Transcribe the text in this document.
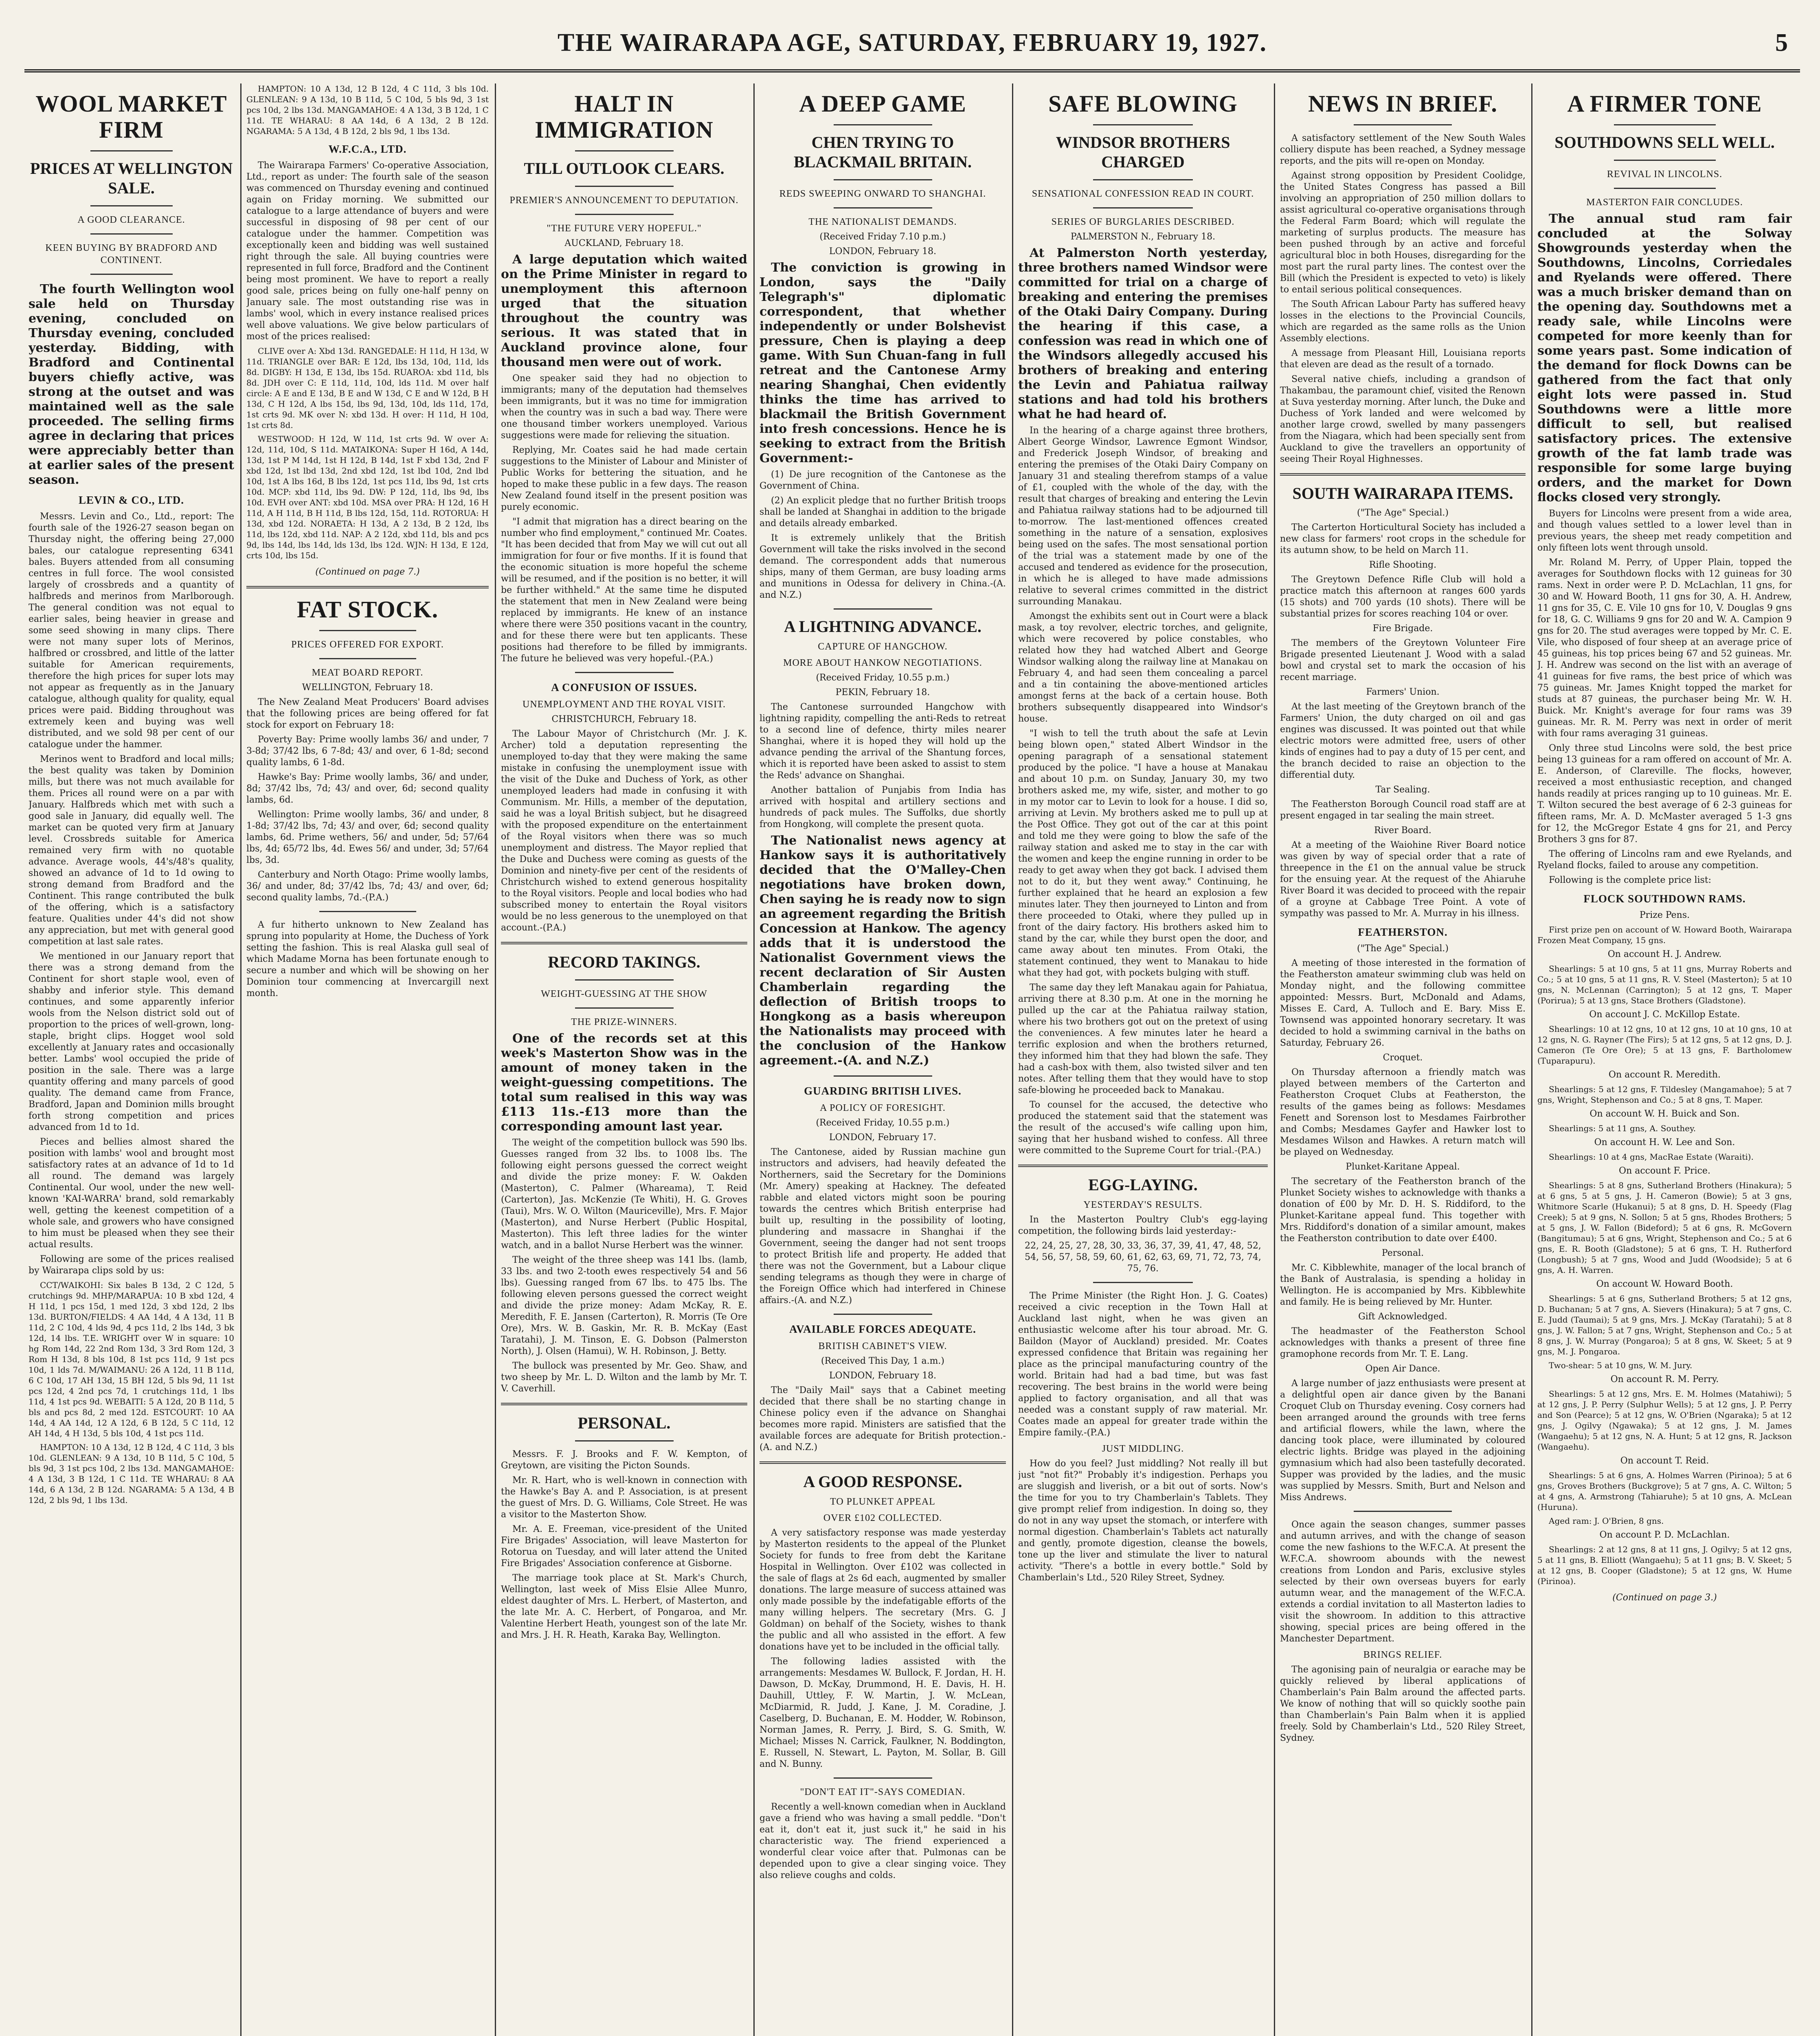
THE WAIRARAPA AGE, SATURDAY, FEBRUARY 19, 1927.	5
WOOL MARKET FIRM
PRICES AT WELLINGTON SALE.
A GOOD CLEARANCE.
KEEN BUYING BY BRADFORD AND CONTINENT.

The fourth Wellington wool sale held on Thursday evening, concluded on Thursday evening, concluded yesterday. Bidding, with Bradford and Continental buyers chiefly active, was strong at the outset and was maintained well as the sale proceeded. The selling firms agree in declaring that prices were appreciably better than at earlier sales of the present season.

LEVIN & CO., LTD.

Messrs. Levin and Co., Ltd., report: The fourth sale of the 1926-27 season began on Thursday night, the offering being 27,000 bales, our catalogue representing 6341 bales. Buyers attended from all consuming centres in full force. The wool consisted largely of crossbreds and a quantity of halfbreds and merinos from Marlborough. The general condition was not equal to earlier sales, being heavier in grease and some seed showing in many clips. There were not many super lots of Merinos, halfbred or crossbred, and little of the latter suitable for American requirements, therefore the high prices for super lots may not appear as frequently as in the January catalogue, although quality for quality, equal prices were paid. Bidding throughout was extremely keen and buying was well distributed, and we sold 98 per cent of our catalogue under the hammer.

Merinos went to Bradford and local mills; the best quality was taken by Dominion mills, but there was not much available for them. Prices all round were on a par with January. Halfbreds which met with such a good sale in January, did equally well. The market can be quoted very firm at January level. Crossbreds suitable for America remained very firm with no quotable advance. Average wools, 44's/48's quality, showed an advance of 1d to 1d owing to strong demand from Bradford and the Continent. This range contributed the bulk of the offering, which is a satisfactory feature. Qualities under 44's did not show any appreciation, but met with general good competition at last sale rates.

We mentioned in our January report that there was a strong demand from the Continent for short staple wool, even of shabby and inferior style. This demand continues, and some apparently inferior wools from the Nelson district sold out of proportion to the prices of well-grown, long-staple, bright clips. Hogget wool sold excellently at January rates and occasionally better. Lambs' wool occupied the pride of position in the sale. There was a large quantity offering and many parcels of good quality. The demand came from France, Bradford, Japan and Dominion mills brought forth strong competition and prices advanced from 1d to 1d.

Pieces and bellies almost shared the position with lambs' wool and brought most satisfactory rates at an advance of 1d to 1d all round. The demand was largely Continental. Our wool, under the new well-known 'KAI-WARRA' brand, sold remarkably well, getting the keenest competition of a whole sale, and growers who have consigned to him must be pleased when they see their actual results.

Following are some of the prices realised by Wairarapa clips sold by us:

CCT/WAIKOHI: Six bales B 13d, 2 C 12d, 5 crutchings 9d. MHP/MARAPUA: 10 B xbd 12d, 4 H 11d, 1 pcs 15d, 1 med 12d, 3 xbd 12d, 2 lbs 13d. BURTON/FIELDS: 4 AA 14d, 4 A 13d, 11 B 11d, 2 C 10d, 4 lds 9d, 4 pcs 11d, 2 lbs 14d, 3 bk 12d, 14 lbs. T.E. WRIGHT over W in square: 10 hg Rom 14d, 22 2nd Rom 13d, 3 3rd Rom 12d, 3 Rom H 13d, 8 bls 10d, 8 1st pcs 11d, 9 1st pcs 10d, 1 lds 7d. M/WAIMANU: 26 A 12d, 11 B 11d, 6 C 10d, 17 AH 13d, 15 BH 12d, 5 bls 9d, 11 1st pcs 12d, 4 2nd pcs 7d, 1 crutchings 11d, 1 lbs 11d, 4 1st pcs 9d. WEBAITI: 5 A 12d, 20 B 11d, 5 bls and pcs 8d, 2 med 12d. ESTCOURT: 10 AA 14d, 4 AA 14d, 12 A 12d, 6 B 12d, 5 C 11d, 12 AH 14d, 4 H 13d, 5 bls 10d, 4 1st pcs 11d.

HAMPTON: 10 A 13d, 12 B 12d, 4 C 11d, 3 bls 10d. GLENLEAN: 9 A 13d, 10 B 11d, 5 C 10d, 5 bls 9d, 3 1st pcs 10d, 2 lbs 13d. MANGAMAHOE: 4 A 13d, 3 B 12d, 1 C 11d. TE WHARAU: 8 AA 14d, 6 A 13d, 2 B 12d. NGARAMA: 5 A 13d, 4 B 12d, 2 bls 9d, 1 lbs 13d.

HAMPTON: 10 A 13d, 12 B 12d, 4 C 11d, 3 bls 10d. GLENLEAN: 9 A 13d, 10 B 11d, 5 C 10d, 5 bls 9d, 3 1st pcs 10d, 2 lbs 13d. MANGAMAHOE: 4 A 13d, 3 B 12d, 1 C 11d. TE WHARAU: 8 AA 14d, 6 A 13d, 2 B 12d. NGARAMA: 5 A 13d, 4 B 12d, 2 bls 9d, 1 lbs 13d.

W.F.C.A., LTD.

The Wairarapa Farmers' Co-operative Association, Ltd., report as under: The fourth sale of the season was commenced on Thursday evening and continued again on Friday morning. We submitted our catalogue to a large attendance of buyers and were successful in disposing of 98 per cent of our catalogue under the hammer. Competition was exceptionally keen and bidding was well sustained right through the sale. All buying countries were represented in full force, Bradford and the Continent being most prominent. We have to report a really good sale, prices being on fully one-half penny on January sale. The most outstanding rise was in lambs' wool, which in every instance realised prices well above valuations. We give below particulars of most of the prices realised:

CLIVE over A: Xbd 13d. RANGEDALE: H 11d, H 13d, W 11d. TRIANGLE over BAR: E 12d, lbs 13d, 10d, 11d, lds 8d. DIGBY: H 13d, E 13d, lbs 15d. RUAROA: xbd 11d, bls 8d. JDH over C: E 11d, 11d, 10d, lds 11d. M over half circle: A E and E 13d, B E and W 13d, C E and W 12d, B H 13d, C H 12d, A lbs 15d, lbs 9d, 13d, 10d, lds 11d, 17d, 1st crts 9d. MK over N: xbd 13d. H over: H 11d, H 10d, 1st crts 8d.

WESTWOOD: H 12d, W 11d, 1st crts 9d. W over A: 12d, 11d, 10d, S 11d. MATAIKONA: Super H 16d, A 14d, 13d, 1st P M 14d, 1st H 12d, B 14d, 1st F xbd 13d, 2nd F xbd 12d, 1st lbd 13d, 2nd xbd 12d, 1st lbd 10d, 2nd lbd 10d, 1st A lbs 16d, B lbs 12d, 1st pcs 11d, lbs 9d, 1st crts 10d. MCP: xbd 11d, lbs 9d. DW: P 12d, 11d, lbs 9d, lbs 10d. EVH over ANT: xbd 10d. MSA over PRA: H 12d, 16 H 11d, A H 11d, B H 11d, B lbs 12d, 15d, 11d. ROTORUA: H 13d, xbd 12d. NORAETA: H 13d, A 2 13d, B 2 12d, lbs 11d, lbs 12d, xbd 11d. NAP: A 2 12d, xbd 11d, bls and pcs 9d, lbs 14d, lbs 14d, lds 13d, lbs 12d. WJN: H 13d, E 12d, crts 10d, lbs 15d.

(Continued on page 7.)

FAT STOCK.
PRICES OFFERED FOR EXPORT.
MEAT BOARD REPORT.

WELLINGTON, February 18.

The New Zealand Meat Producers' Board advises that the following prices are being offered for fat stock for export on February 18:

Poverty Bay: Prime woolly lambs 36/ and under, 7 3-8d; 37/42 lbs, 6 7-8d; 43/ and over, 6 1-8d; second quality lambs, 6 1-8d.

Hawke's Bay: Prime woolly lambs, 36/ and under, 8d; 37/42 lbs, 7d; 43/ and over, 6d; second quality lambs, 6d.

Wellington: Prime woolly lambs, 36/ and under, 8 1-8d; 37/42 lbs, 7d; 43/ and over, 6d; second quality lambs, 6d. Prime wethers, 56/ and under, 5d; 57/64 lbs, 4d; 65/72 lbs, 4d. Ewes 56/ and under, 3d; 57/64 lbs, 3d.

Canterbury and North Otago: Prime woolly lambs, 36/ and under, 8d; 37/42 lbs, 7d; 43/ and over, 6d; second quality lambs, 7d.-(P.A.)

A fur hitherto unknown to New Zealand has sprung into popularity at Home, the Duchess of York setting the fashion. This is real Alaska gull seal of which Madame Morna has been fortunate enough to secure a number and which will be showing on her Dominion tour commencing at Invercargill next month.

HALT IN IMMIGRATION
TILL OUTLOOK CLEARS.
PREMIER'S ANNOUNCEMENT TO DEPUTATION.
"THE FUTURE VERY HOPEFUL."

AUCKLAND, February 18.

A large deputation which waited on the Prime Minister in regard to unemployment this afternoon urged that the situation throughout the country was serious. It was stated that in Auckland province alone, four thousand men were out of work.

One speaker said they had no objection to immigrants; many of the deputation had themselves been immigrants, but it was no time for immigration when the country was in such a bad way. There were one thousand timber workers unemployed. Various suggestions were made for relieving the situation.

Replying, Mr. Coates said he had made certain suggestions to the Minister of Labour and Minister of Public Works for bettering the situation, and he hoped to make these public in a few days. The reason New Zealand found itself in the present position was purely economic.

"I admit that migration has a direct bearing on the number who find employment," continued Mr. Coates. "It has been decided that from May we will cut out all immigration for four or five months. If it is found that the economic situation is more hopeful the scheme will be resumed, and if the position is no better, it will be further withheld." At the same time he disputed the statement that men in New Zealand were being replaced by immigrants. He knew of an instance where there were 350 positions vacant in the country, and for these there were but ten applicants. These positions had therefore to be filled by immigrants. The future he believed was very hopeful.-(P.A.)

A CONFUSION OF ISSUES.
UNEMPLOYMENT AND THE ROYAL VISIT.

CHRISTCHURCH, February 18.

The Labour Mayor of Christchurch (Mr. J. K. Archer) told a deputation representing the unemployed to-day that they were making the same mistake in confusing the unemployment issue with the visit of the Duke and Duchess of York, as other unemployed leaders had made in confusing it with Communism. Mr. Hills, a member of the deputation, said he was a loyal British subject, but he disagreed with the proposed expenditure on the entertainment of the Royal visitors when there was so much unemployment and distress. The Mayor replied that the Duke and Duchess were coming as guests of the Dominion and ninety-five per cent of the residents of Christchurch wished to extend generous hospitality to the Royal visitors. People and local bodies who had subscribed money to entertain the Royal visitors would be no less generous to the unemployed on that account.-(P.A.)

RECORD TAKINGS.
WEIGHT-GUESSING AT THE SHOW
THE PRIZE-WINNERS.

One of the records set at this week's Masterton Show was in the amount of money taken in the weight-guessing competitions. The total sum realised in this way was £113 11s.-£13 more than the corresponding amount last year.

The weight of the competition bullock was 590 lbs. Guesses ranged from 32 lbs. to 1008 lbs. The following eight persons guessed the correct weight and divide the prize money: F. W. Oakden (Masterton), C. Palmer (Whareama), T. Reid (Carterton), Jas. McKenzie (Te Whiti), H. G. Groves (Taui), Mrs. W. O. Wilton (Mauriceville), Mrs. F. Major (Masterton), and Nurse Herbert (Public Hospital, Masterton). This left three ladies for the winter watch, and in a ballot Nurse Herbert was the winner.

The weight of the three sheep was 141 lbs. (lamb, 33 lbs. and two 2-tooth ewes respectively 54 and 56 lbs). Guessing ranged from 67 lbs. to 475 lbs. The following eleven persons guessed the correct weight and divide the prize money: Adam McKay, R. E. Meredith, F. E. Jansen (Carterton), R. Morris (Te Ore Ore), Mrs. W. B. Gaskin, Mr. R. B. McKay (East Taratahi), J. M. Tinson, E. G. Dobson (Palmerston North), J. Olsen (Hamui), W. H. Robinson, J. Betty.

The bullock was presented by Mr. Geo. Shaw, and two sheep by Mr. L. D. Wilton and the lamb by Mr. T. V. Caverhill.

PERSONAL.

Messrs. F. J. Brooks and F. W. Kempton, of Greytown, are visiting the Picton Sounds.

Mr. R. Hart, who is well-known in connection with the Hawke's Bay A. and P. Association, is at present the guest of Mrs. D. G. Williams, Cole Street. He was a visitor to the Masterton Show.

Mr. A. E. Freeman, vice-president of the United Fire Brigades' Association, will leave Masterton for Rotorua on Tuesday, and will later attend the United Fire Brigades' Association conference at Gisborne.

The marriage took place at St. Mark's Church, Wellington, last week of Miss Elsie Allee Munro, eldest daughter of Mrs. L. Herbert, of Masterton, and the late Mr. A. C. Herbert, of Pongaroa, and Mr. Valentine Herbert Heath, youngest son of the late Mr. and Mrs. J. H. R. Heath, Karaka Bay, Wellington.

A DEEP GAME
CHEN TRYING TO BLACKMAIL BRITAIN.
REDS SWEEPING ONWARD TO SHANGHAI.
THE NATIONALIST DEMANDS.

(Received Friday 7.10 p.m.)

LONDON, February 18.

The conviction is growing in London, says the "Daily Telegraph's" diplomatic correspondent, that whether independently or under Bolshevist pressure, Chen is playing a deep game. With Sun Chuan-fang in full retreat and the Cantonese Army nearing Shanghai, Chen evidently thinks the time has arrived to blackmail the British Government into fresh concessions. Hence he is seeking to extract from the British Government:-

(1) De jure recognition of the Cantonese as the Government of China.

(2) An explicit pledge that no further British troops shall be landed at Shanghai in addition to the brigade and details already embarked.

It is extremely unlikely that the British Government will take the risks involved in the second demand. The correspondent adds that numerous ships, many of them German, are busy loading arms and munitions in Odessa for delivery in China.-(A. and N.Z.)

A LIGHTNING ADVANCE.
CAPTURE OF HANGCHOW.
MORE ABOUT HANKOW NEGOTIATIONS.

(Received Friday, 10.55 p.m.)

PEKIN, February 18.

The Cantonese surrounded Hangchow with lightning rapidity, compelling the anti-Reds to retreat to a second line of defence, thirty miles nearer Shanghai, where it is hoped they will hold up the advance pending the arrival of the Shantung forces, which it is reported have been asked to assist to stem the Reds' advance on Shanghai.

Another battalion of Punjabis from India has arrived with hospital and artillery sections and hundreds of pack mules. The Suffolks, due shortly from Hongkong, will complete the present quota.

The Nationalist news agency at Hankow says it is authoritatively decided that the O'Malley-Chen negotiations have broken down, Chen saying he is ready now to sign an agreement regarding the British Concession at Hankow. The agency adds that it is understood the Nationalist Government views the recent declaration of Sir Austen Chamberlain regarding the deflection of British troops to Hongkong as a basis whereupon the Nationalists may proceed with the conclusion of the Hankow agreement.-(A. and N.Z.)

GUARDING BRITISH LIVES.
A POLICY OF FORESIGHT.

(Received Friday, 10.55 p.m.)

LONDON, February 17.

The Cantonese, aided by Russian machine gun instructors and advisers, had heavily defeated the Northerners, said the Secretary for the Dominions (Mr. Amery) speaking at Hackney. The defeated rabble and elated victors might soon be pouring towards the centres which British enterprise had built up, resulting in the possibility of looting, plundering and massacre in Shanghai if the Government, seeing the danger had not sent troops to protect British life and property. He added that there was not the Government, but a Labour clique sending telegrams as though they were in charge of the Foreign Office which had interfered in Chinese affairs.-(A. and N.Z.)

AVAILABLE FORCES ADEQUATE.
BRITISH CABINET'S VIEW.

(Received This Day, 1 a.m.)

LONDON, February 18.

The "Daily Mail" says that a Cabinet meeting decided that there shall be no starting change in Chinese policy even if the advance on Shanghai becomes more rapid. Ministers are satisfied that the available forces are adequate for British protection.-(A. and N.Z.)

A GOOD RESPONSE.
TO PLUNKET APPEAL
OVER £102 COLLECTED.

A very satisfactory response was made yesterday by Masterton residents to the appeal of the Plunket Society for funds to free from debt the Karitane Hospital in Wellington. Over £102 was collected in the sale of flags at 2s 6d each, augmented by smaller donations. The large measure of success attained was only made possible by the indefatigable efforts of the many willing helpers. The secretary (Mrs. G. J Goldman) on behalf of the Society, wishes to thank the public and all who assisted in the effort. A few donations have yet to be included in the official tally.

The following ladies assisted with the arrangements: Mesdames W. Bullock, F. Jordan, H. H. Dawson, D. McKay, Drummond, H. E. Davis, H. H. Dauhill, Uttley, F. W. Martin, J. W. McLean, McDiarmid, R. Judd, J. Kane, J. M. Coradine, J. Caselberg, D. Buchanan, E. M. Hodder, W. Robinson, Norman James, R. Perry, J. Bird, S. G. Smith, W. Michael; Misses N. Carrick, Faulkner, N. Boddington, E. Russell, N. Stewart, L. Payton, M. Sollar, B. Gill and N. Bunny.

"DON'T EAT IT"-SAYS COMEDIAN.

Recently a well-known comedian when in Auckland gave a friend who was having a small peddle. "Don't eat it, don't eat it, just suck it," he said in his characteristic way. The friend experienced a wonderful clear voice after that. Pulmonas can be depended upon to give a clear singing voice. They also relieve coughs and colds.

SAFE BLOWING
WINDSOR BROTHERS CHARGED
SENSATIONAL CONFESSION READ IN COURT.
SERIES OF BURGLARIES DESCRIBED.

PALMERSTON N., February 18.

At Palmerston North yesterday, three brothers named Windsor were committed for trial on a charge of breaking and entering the premises of the Otaki Dairy Company. During the hearing if this case, a confession was read in which one of the Windsors allegedly accused his brothers of breaking and entering the Levin and Pahiatua railway stations and had told his brothers what he had heard of.

In the hearing of a charge against three brothers, Albert George Windsor, Lawrence Egmont Windsor, and Frederick Joseph Windsor, of breaking and entering the premises of the Otaki Dairy Company on January 31 and stealing therefrom stamps of a value of £1, coupled with the whole of the day, with the result that charges of breaking and entering the Levin and Pahiatua railway stations had to be adjourned till to-morrow. The last-mentioned offences created something in the nature of a sensation, explosives being used on the safes. The most sensational portion of the trial was a statement made by one of the accused and tendered as evidence for the prosecution, in which he is alleged to have made admissions relative to several crimes committed in the district surrounding Manakau.

Amongst the exhibits sent out in Court were a black mask, a toy revolver, electric torches, and gelignite, which were recovered by police constables, who related how they had watched Albert and George Windsor walking along the railway line at Manakau on February 4, and had seen them concealing a parcel and a tin containing the above-mentioned articles amongst ferns at the back of a certain house. Both brothers subsequently disappeared into Windsor's house.

"I wish to tell the truth about the safe at Levin being blown open," stated Albert Windsor in the opening paragraph of a sensational statement produced by the police. "I have a house at Manakau and about 10 p.m. on Sunday, January 30, my two brothers asked me, my wife, sister, and mother to go in my motor car to Levin to look for a house. I did so, arriving at Levin. My brothers asked me to pull up at the Post Office. They got out of the car at this point and told me they were going to blow the safe of the railway station and asked me to stay in the car with the women and keep the engine running in order to be ready to get away when they got back. I advised them not to do it, but they went away." Continuing, he further explained that he heard an explosion a few minutes later. They then journeyed to Linton and from there proceeded to Otaki, where they pulled up in front of the dairy factory. His brothers asked him to stand by the car, while they burst open the door, and came away about ten minutes. From Otaki, the statement continued, they went to Manakau to hide what they had got, with pockets bulging with stuff.

The same day they left Manakau again for Pahiatua, arriving there at 8.30 p.m. At one in the morning he pulled up the car at the Pahiatua railway station, where his two brothers got out on the pretext of using the conveniences. A few minutes later he heard a terrific explosion and when the brothers returned, they informed him that they had blown the safe. They had a cash-box with them, also twisted silver and ten notes. After telling them that they would have to stop safe-blowing he proceeded back to Manakau.

To counsel for the accused, the detective who produced the statement said that the statement was the result of the accused's wife calling upon him, saying that her husband wished to confess. All three were committed to the Supreme Court for trial.-(P.A.)

EGG-LAYING.
YESTERDAY'S RESULTS.

In the Masterton Poultry Club's egg-laying competition, the following birds laid yesterday:-

22, 24, 25, 27, 28, 30, 33, 36, 37, 39, 41, 47, 48, 52, 54, 56, 57, 58, 59, 60, 61, 62, 63, 69, 71, 72, 73, 74, 75, 76.

The Prime Minister (the Right Hon. J. G. Coates) received a civic reception in the Town Hall at Auckland last night, when he was given an enthusiastic welcome after his tour abroad. Mr. G. Baildon (Mayor of Auckland) presided. Mr. Coates expressed confidence that Britain was regaining her place as the principal manufacturing country of the world. Britain had had a bad time, but was fast recovering. The best brains in the world were being applied to factory organisation, and all that was needed was a constant supply of raw material. Mr. Coates made an appeal for greater trade within the Empire family.-(P.A.)

JUST MIDDLING.

How do you feel? Just middling? Not really ill but just "not fit?" Probably it's indigestion. Perhaps you are sluggish and liverish, or a bit out of sorts. Now's the time for you to try Chamberlain's Tablets. They give prompt relief from indigestion. In doing so, they do not in any way upset the stomach, or interfere with normal digestion. Chamberlain's Tablets act naturally and gently, promote digestion, cleanse the bowels, tone up the liver and stimulate the liver to natural activity. "There's a bottle in every bottle." Sold by Chamberlain's Ltd., 520 Riley Street, Sydney.

NEWS IN BRIEF.

A satisfactory settlement of the New South Wales colliery dispute has been reached, a Sydney message reports, and the pits will re-open on Monday.

Against strong opposition by President Coolidge, the United States Congress has passed a Bill involving an appropriation of 250 million dollars to assist agricultural co-operative organisations through the Federal Farm Board; which will regulate the marketing of surplus products. The measure has been pushed through by an active and forceful agricultural bloc in both Houses, disregarding for the most part the rural party lines. The contest over the Bill (which the President is expected to veto) is likely to entail serious political consequences.

The South African Labour Party has suffered heavy losses in the elections to the Provincial Councils, which are regarded as the same rolls as the Union Assembly elections.

A message from Pleasant Hill, Louisiana reports that eleven are dead as the result of a tornado.

Several native chiefs, including a grandson of Thakambau, the paramount chief, visited the Renown at Suva yesterday morning. After lunch, the Duke and Duchess of York landed and were welcomed by another large crowd, swelled by many passengers from the Niagara, which had been specially sent from Auckland to give the travellers an opportunity of seeing Their Royal Highnesses.

SOUTH WAIRARAPA ITEMS.

("The Age" Special.)

The Carterton Horticultural Society has included a new class for farmers' root crops in the schedule for its autumn show, to be held on March 11.

Rifle Shooting.

The Greytown Defence Rifle Club will hold a practice match this afternoon at ranges 600 yards (15 shots) and 700 yards (10 shots). There will be substantial prizes for scores reaching 104 or over.

Fire Brigade.

The members of the Greytown Volunteer Fire Brigade presented Lieutenant J. Wood with a salad bowl and crystal set to mark the occasion of his recent marriage.

Farmers' Union.

At the last meeting of the Greytown branch of the Farmers' Union, the duty charged on oil and gas engines was discussed. It was pointed out that while electric motors were admitted free, users of other kinds of engines had to pay a duty of 15 per cent, and the branch decided to raise an objection to the differential duty.

Tar Sealing.

The Featherston Borough Council road staff are at present engaged in tar sealing the main street.

River Board.

At a meeting of the Waiohine River Board notice was given by way of special order that a rate of threepence in the £1 on the annual value be struck for the ensuing year. At the request of the Ahiaruhe River Board it was decided to proceed with the repair of a groyne at Cabbage Tree Point. A vote of sympathy was passed to Mr. A. Murray in his illness.

FEATHERSTON.

("The Age" Special.)

A meeting of those interested in the formation of the Featherston amateur swimming club was held on Monday night, and the following committee appointed: Messrs. Burt, McDonald and Adams, Misses E. Card, A. Tulloch and E. Bary. Miss E. Townsend was appointed honorary secretary. It was decided to hold a swimming carnival in the baths on Saturday, February 26.

Croquet.

On Thursday afternoon a friendly match was played between members of the Carterton and Featherston Croquet Clubs at Featherston, the results of the games being as follows: Mesdames Fenett and Sorenson lost to Mesdames Fairbrother and Combs; Mesdames Gayfer and Hawker lost to Mesdames Wilson and Hawkes. A return match will be played on Wednesday.

Plunket-Karitane Appeal.

The secretary of the Featherston branch of the Plunket Society wishes to acknowledge with thanks a donation of £00 by Mr. D. H. S. Riddiford, to the Plunket-Karitane appeal fund. This together with Mrs. Riddiford's donation of a similar amount, makes the Featherston contribution to date over £400.

Personal.

Mr. C. Kibblewhite, manager of the local branch of the Bank of Australasia, is spending a holiday in Wellington. He is accompanied by Mrs. Kibblewhite and family. He is being relieved by Mr. Hunter.

Gift Acknowledged.

The headmaster of the Featherston School acknowledges with thanks a present of three fine gramophone records from Mr. T. E. Lang.

Open Air Dance.

A large number of jazz enthusiasts were present at a delightful open air dance given by the Banani Croquet Club on Thursday evening. Cosy corners had been arranged around the grounds with tree ferns and artificial flowers, while the lawn, where the dancing took place, were illuminated by coloured electric lights. Bridge was played in the adjoining gymnasium which had also been tastefully decorated. Supper was provided by the ladies, and the music was supplied by Messrs. Smith, Burt and Nelson and Miss Andrews.

Once again the season changes, summer passes and autumn arrives, and with the change of season come the new fashions to the W.F.C.A. At present the W.F.C.A. showroom abounds with the newest creations from London and Paris, exclusive styles selected by their own overseas buyers for early autumn wear, and the management of the W.F.C.A. extends a cordial invitation to all Masterton ladies to visit the showroom. In addition to this attractive showing, special prices are being offered in the Manchester Department.

BRINGS RELIEF.

The agonising pain of neuralgia or earache may be quickly relieved by liberal applications of Chamberlain's Pain Balm around the affected parts. We know of nothing that will so quickly soothe pain than Chamberlain's Pain Balm when it is applied freely. Sold by Chamberlain's Ltd., 520 Riley Street, Sydney.

A FIRMER TONE
SOUTHDOWNS SELL WELL.
REVIVAL IN LINCOLNS.
MASTERTON FAIR CONCLUDES.

The annual stud ram fair concluded at the Solway Showgrounds yesterday when the Southdowns, Lincolns, Corriedales and Ryelands were offered. There was a much brisker demand than on the opening day. Southdowns met a ready sale, while Lincolns were competed for more keenly than for some years past. Some indication of the demand for flock Downs can be gathered from the fact that only eight lots were passed in. Stud Southdowns were a little more difficult to sell, but realised satisfactory prices. The extensive growth of the fat lamb trade was responsible for some large buying orders, and the market for Down flocks closed very strongly.

Buyers for Lincolns were present from a wide area, and though values settled to a lower level than in previous years, the sheep met ready competition and only fifteen lots went through unsold.

Mr. Roland M. Perry, of Upper Plain, topped the averages for Southdown flocks with 12 guineas for 30 rams. Next in order were P. D. McLachlan, 11 gns, for 30 and W. Howard Booth, 11 gns for 30, A. H. Andrew, 11 gns for 35, C. E. Vile 10 gns for 10, V. Douglas 9 gns for 18, G. C. Williams 9 gns for 20 and W. A. Campion 9 gns for 20. The stud averages were topped by Mr. C. E. Vile, who disposed of four sheep at an average price of 45 guineas, his top prices being 67 and 52 guineas. Mr. J. H. Andrew was second on the list with an average of 41 guineas for five rams, the best price of which was 75 guineas. Mr. James Knight topped the market for studs at 87 guineas, the purchaser being Mr. W. H. Buick. Mr. Knight's average for four rams was 39 guineas. Mr. R. M. Perry was next in order of merit with four rams averaging 31 guineas.

Only three stud Lincolns were sold, the best price being 13 guineas for a ram offered on account of Mr. A. E. Anderson, of Clareville. The flocks, however, received a most enthusiastic reception, and changed hands readily at prices ranging up to 10 guineas. Mr. E. T. Wilton secured the best average of 6 2-3 guineas for fifteen rams, Mr. A. D. McMaster averaged 5 1-3 gns for 12, the McGregor Estate 4 gns for 21, and Percy Brothers 3 gns for 87.

The offering of Lincolns ram and ewe Ryelands, and Ryeland flocks, failed to arouse any competition.

Following is the complete price list:

FLOCK SOUTHDOWN RAMS.

Prize Pens.

First prize pen on account of W. Howard Booth, Wairarapa Frozen Meat Company, 15 gns.

On account H. J. Andrew.

Shearlings: 5 at 10 gns, 5 at 11 gns, Murray Roberts and Co.; 5 at 10 gns, 5 at 11 gns, R. V. Steel (Masterton); 5 at 10 gns, N. McLennan (Carrington); 5 at 12 gns, T. Maper (Porirua); 5 at 13 gns, Stace Brothers (Gladstone).

On account J. C. McKillop Estate.

Shearlings: 10 at 12 gns, 10 at 12 gns, 10 at 10 gns, 10 at 12 gns, N. G. Rayner (The Firs); 5 at 12 gns, 5 at 12 gns, D. J. Cameron (Te Ore Ore); 5 at 13 gns, F. Bartholomew (Tuparapuru).

On account R. Meredith.

Shearlings: 5 at 12 gns, F. Tildesley (Mangamahoe); 5 at 7 gns, Wright, Stephenson and Co.; 5 at 8 gns, T. Maper.

On account W. H. Buick and Son.

Shearlings: 5 at 11 gns, A. Southey.

On account H. W. Lee and Son.

Shearlings: 10 at 4 gns, MacRae Estate (Waraiti).

On account F. Price.

Shearlings: 5 at 8 gns, Sutherland Brothers (Hinakura); 5 at 6 gns, 5 at 5 gns, J. H. Cameron (Bowie); 5 at 3 gns, Whitmore Scarle (Hukanui); 5 at 8 gns, D. H. Speedy (Flag Creek); 5 at 9 gns, N. Sollon; 5 at 5 gns, Rhodes Brothers; 5 at 5 gns, J. W. Fallon (Bideford); 5 at 6 gns, R. McGovern (Bangitumau); 5 at 6 gns, Wright, Stephenson and Co.; 5 at 6 gns, E. R. Booth (Gladstone); 5 at 6 gns, T. H. Rutherford (Longbush); 5 at 7 gns, Wood and Judd (Woodside); 5 at 6 gns, A. H. Warren.

On account W. Howard Booth.

Shearlings: 5 at 6 gns, Sutherland Brothers; 5 at 12 gns, D. Buchanan; 5 at 7 gns, A. Sievers (Hinakura); 5 at 7 gns, C. E. Judd (Taumai); 5 at 9 gns, Mrs. J. McKay (Taratahi); 5 at 8 gns, J. W. Fallon; 5 at 7 gns, Wright, Stephenson and Co.; 5 at 8 gns, J. W. Murray (Pongaroa); 5 at 8 gns, W. Skeet; 5 at 9 gns, M. J. Pongaroa.

Two-shear: 5 at 10 gns, W. M. Jury.

On account R. M. Perry.

Shearlings: 5 at 12 gns, Mrs. E. M. Holmes (Matahiwi); 5 at 12 gns, J. P. Perry (Sulphur Wells); 5 at 12 gns, J. P. Perry and Son (Pearce); 5 at 12 gns, W. O'Brien (Ngaraka); 5 at 12 gns, J. Ogilvy (Ngawaka); 5 at 12 gns, J. M. James (Wangaehu); 5 at 12 gns, N. A. Hunt; 5 at 12 gns, R. Jackson (Wangaehu).

On account T. Reid.

Shearlings: 5 at 6 gns, A. Holmes Warren (Pirinoa); 5 at 6 gns, Groves Brothers (Buckgrove); 5 at 7 gns, A. C. Wilton; 5 at 4 gns, A. Armstrong (Tahiaruhe); 5 at 10 gns, A. McLean (Huruna).

Aged ram: J. O'Brien, 8 gns.

On account P. D. McLachlan.

Shearlings: 2 at 12 gns, 8 at 11 gns, J. Ogilvy; 5 at 12 gns, 5 at 11 gns, B. Elliott (Wangaehu); 5 at 11 gns; B. V. Skeet; 5 at 12 gns, B. Cooper (Gladstone); 5 at 12 gns, W. Hume (Pirinoa).

(Continued on page 3.)
